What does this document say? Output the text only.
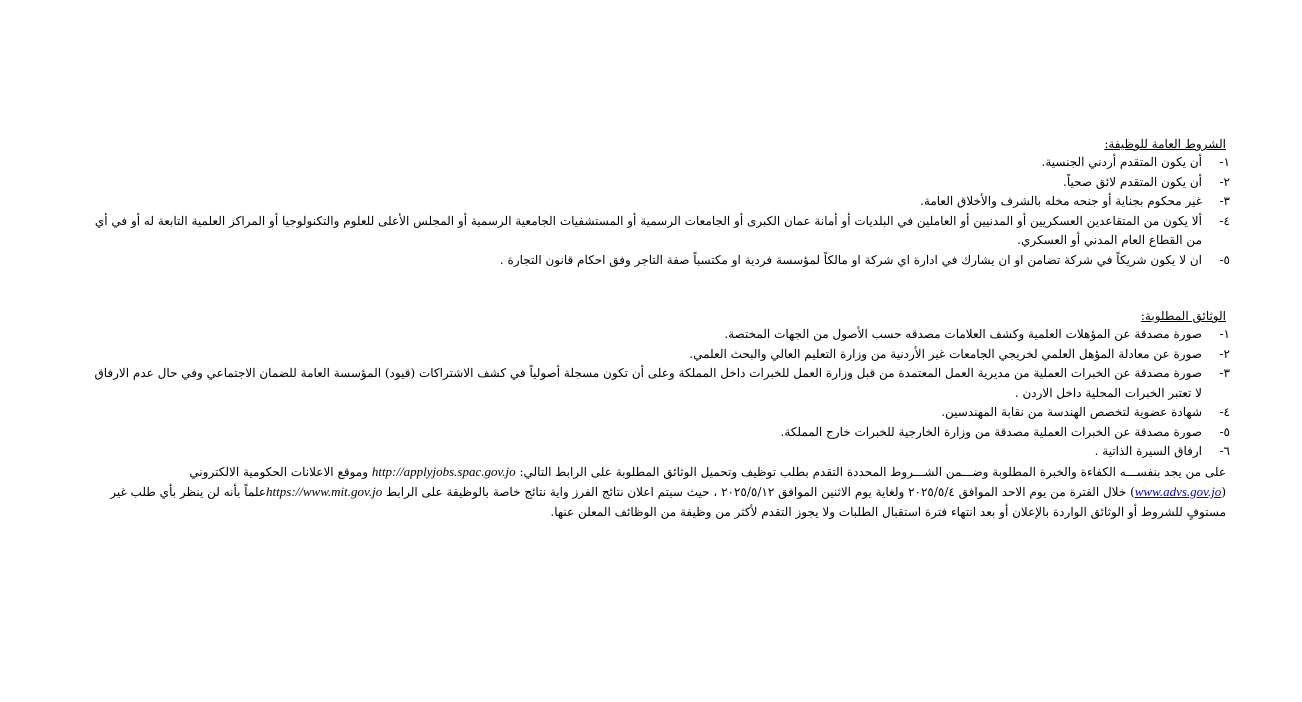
الشروط العامة للوظيفة:
١-
أن يكون المتقدم أردني الجنسية.
٢-
أن يكون المتقدم لائق صحياً.
٣-
غير محكوم بجناية أو جنحه مخله بالشرف والأخلاق العامة.
٤-
ألا يكون من المتقاعدين العسكريين أو المدنيين أو العاملين في البلديات أو أمانة عمان الكبرى أو الجامعات الرسمية أو المستشفيات الجامعية الرسمية أو المجلس الأعلى للعلوم والتكنولوجيا أو المراكز العلمية التابعة له أو في أي من القطاع العام المدني أو العسكري.
٥-
ان لا يكون شريكاً في شركة تضامن او ان يشارك في ادارة اي شركة او مالكاً لمؤسسة فردية او مكتسباً صفة التاجر وفق احكام قانون التجارة .
الوثائق المطلوبة:
١-
صورة مصدقة عن المؤهلات العلمية وكشف العلامات مصدقه حسب الأصول من الجهات المختصة.
٢-
صورة عن معادلة المؤهل العلمي لخريجي الجامعات غير الأردنية من وزارة التعليم العالي والبحث العلمي.
٣-
صورة مصدقة عن الخبرات العملية من مديرية العمل المعتمدة من قبل وزارة العمل للخبرات داخل المملكة وعلى أن تكون مسجلة أصولياً في كشف الاشتراكات (قيود) المؤسسة العامة للضمان الاجتماعي وفي حال عدم الارفاق لا تعتبر الخبرات المحلية داخل الاردن .
٤-
شهادة عضوية لتخصص الهندسة من نقابة المهندسين.
٥-
صورة مصدقة عن الخبرات العملية مصدقة من وزارة الخارجية للخبرات خارج المملكة.
٦-
ارفاق السيرة الذاتية .
على من يجد بنفســـه الكفاءة والخبرة المطلوبة وضـــمن الشـــروط المحددة التقدم بطلب توظيف وتحميل الوثائق المطلوبة على الرابط التالي: http://applyjobs.spac.gov.jo وموقع الاعلانات الحكومية الالكتروني (www.advs.gov.jo) خلال الفترة من يوم الاحد الموافق ٢٠٢٥/٥/٤ ولغاية يوم الاثنين الموافق ٢٠٢٥/٥/١٢ ، حيث سيتم اعلان نتائج الفرز واية نتائج خاصة بالوظيفة على الرابط https://www.mit.gov.joعلماً بأنه لن ينظر بأي طلب غير مستوفٍ للشروط أو الوثائق الواردة بالإعلان أو بعد انتهاء فترة استقبال الطلبات ولا يجوز التقدم لأكثر من وظيفة من الوظائف المعلن عنها.
